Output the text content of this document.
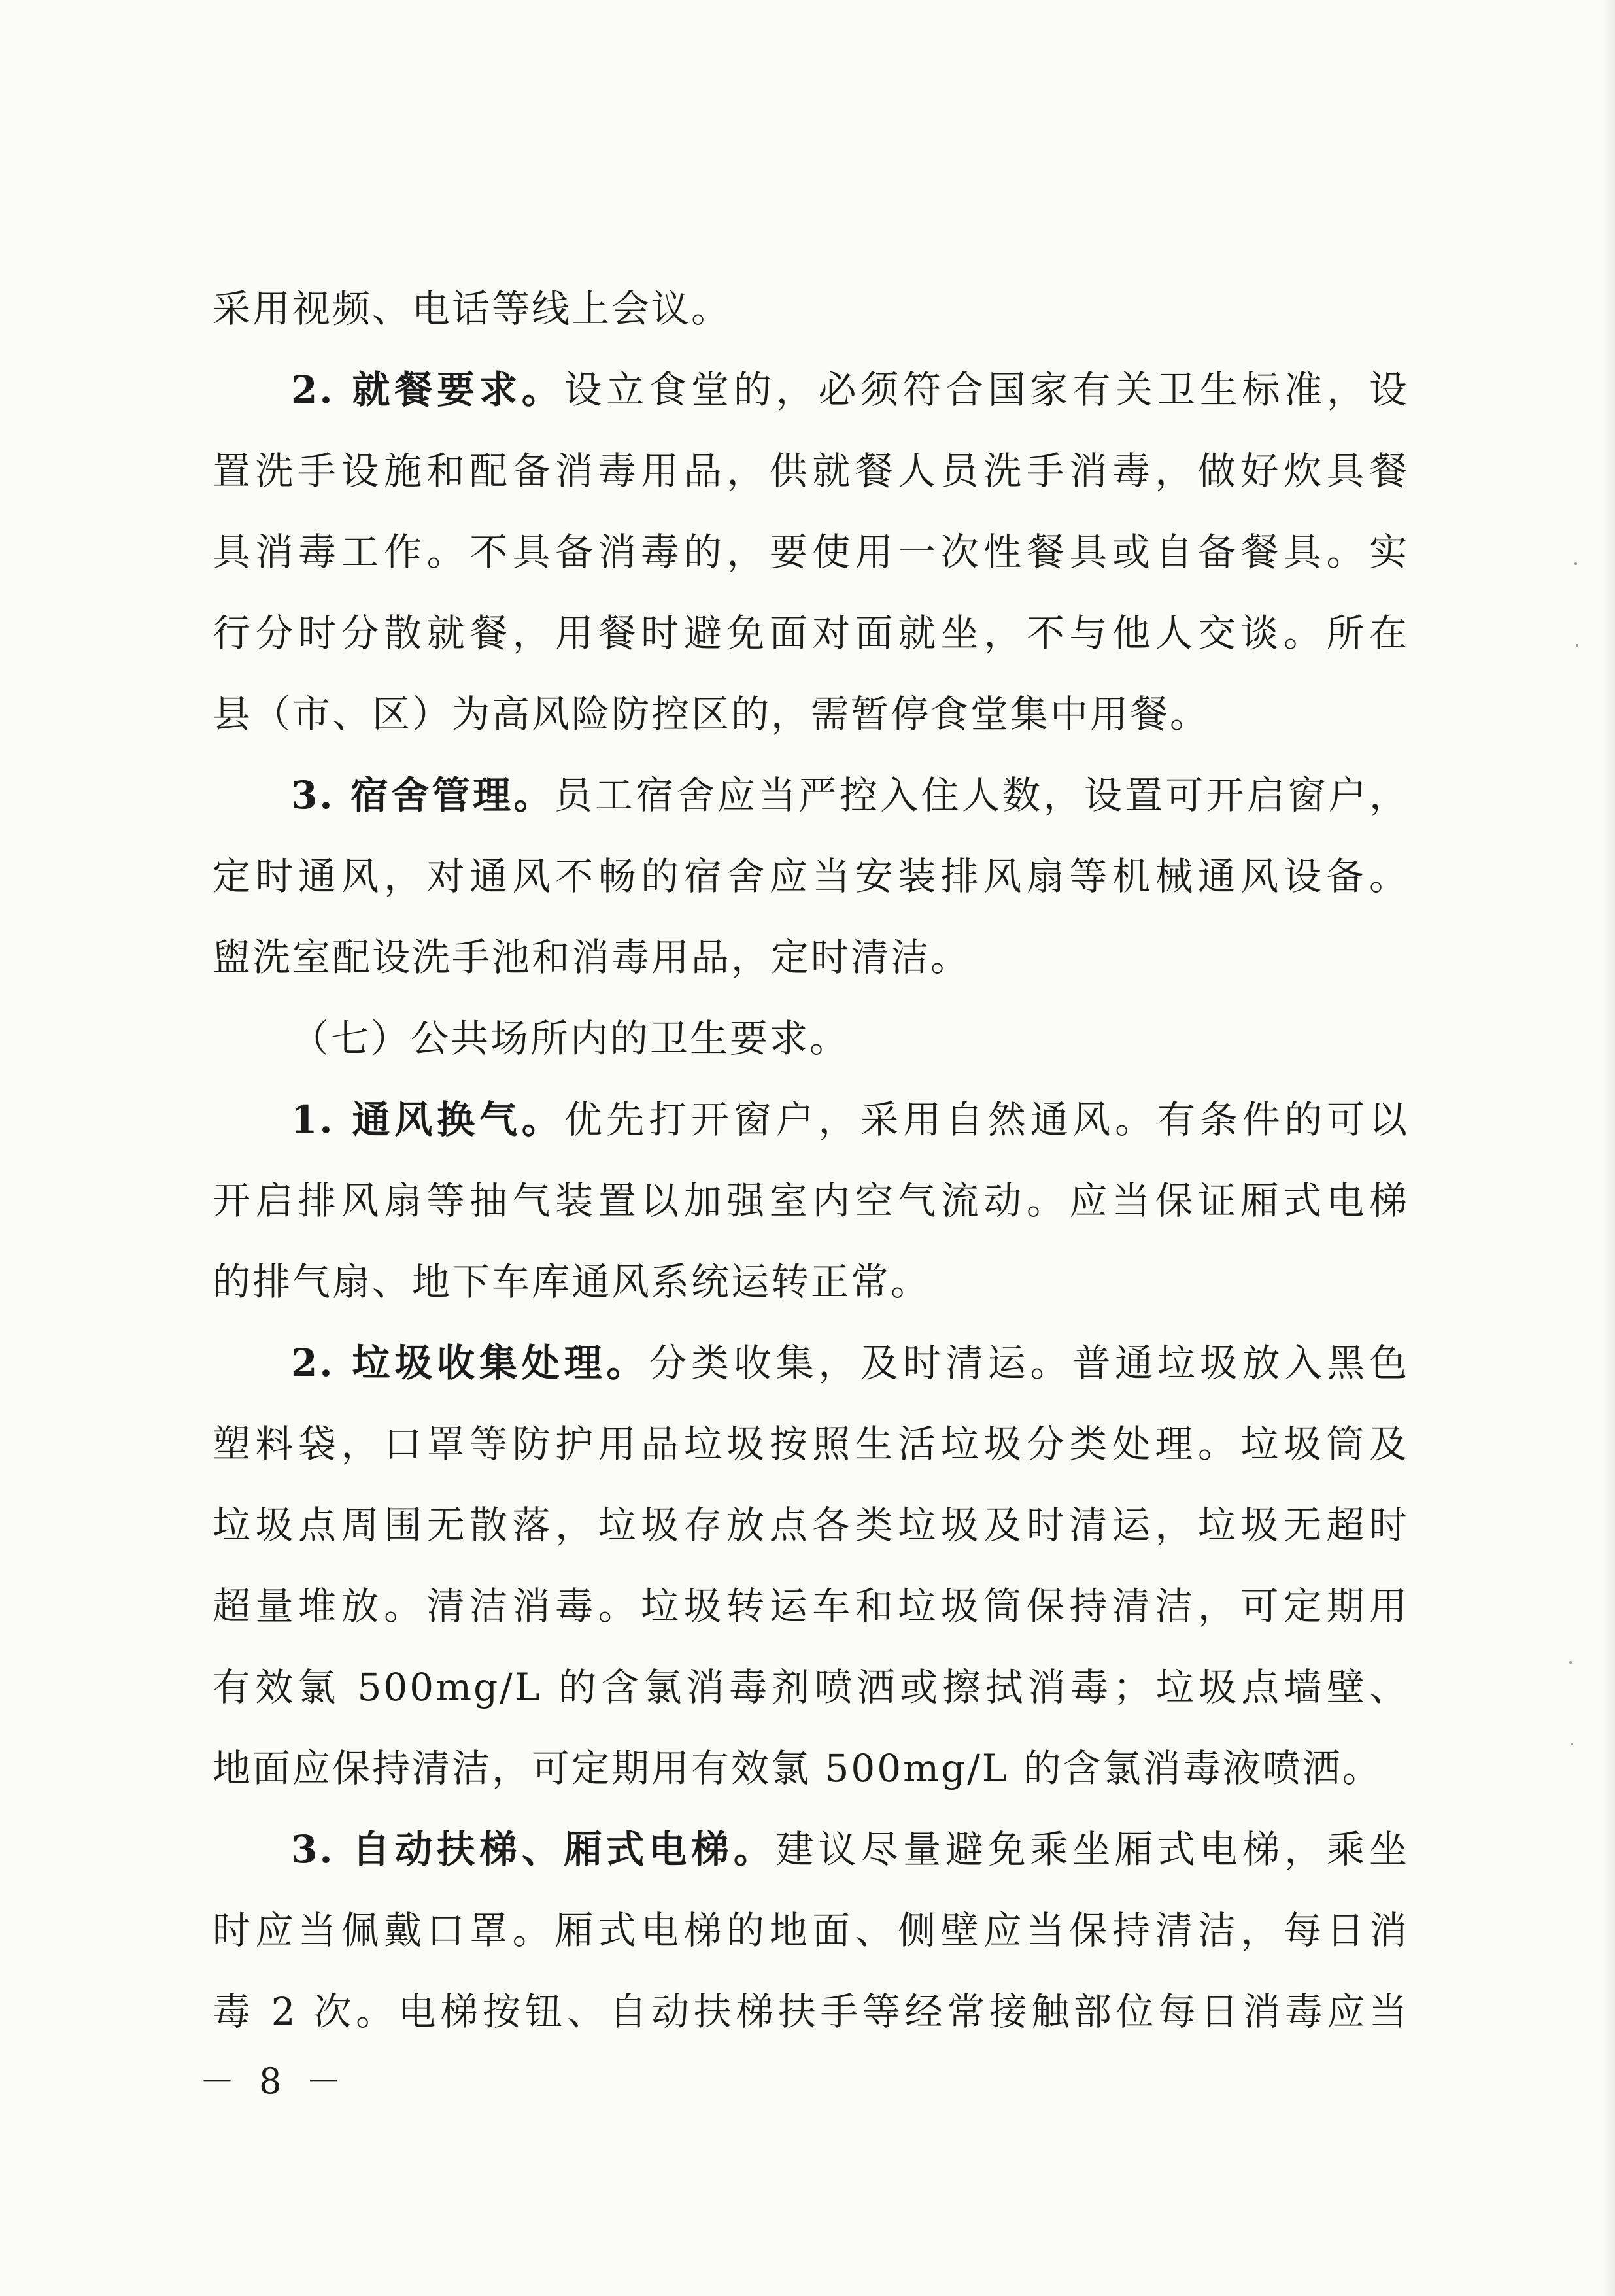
采用视频、电话等线上会议。
2. 就餐要求。设立食堂的，必须符合国家有关卫生标准，设
置洗手设施和配备消毒用品，供就餐人员洗手消毒，做好炊具餐
具消毒工作。不具备消毒的，要使用一次性餐具或自备餐具。实
行分时分散就餐，用餐时避免面对面就坐，不与他人交谈。所在
县（市、区）为高风险防控区的，需暂停食堂集中用餐。
3. 宿舍管理。员工宿舍应当严控入住人数，设置可开启窗户，
定时通风，对通风不畅的宿舍应当安装排风扇等机械通风设备。
盥洗室配设洗手池和消毒用品，定时清洁。
（七）公共场所内的卫生要求。
1. 通风换气。优先打开窗户，采用自然通风。有条件的可以
开启排风扇等抽气装置以加强室内空气流动。应当保证厢式电梯
的排气扇、地下车库通风系统运转正常。
2. 垃圾收集处理。分类收集，及时清运。普通垃圾放入黑色
塑料袋，口罩等防护用品垃圾按照生活垃圾分类处理。垃圾筒及
垃圾点周围无散落，垃圾存放点各类垃圾及时清运，垃圾无超时
超量堆放。清洁消毒。垃圾转运车和垃圾筒保持清洁，可定期用
有效氯 500mg/L 的含氯消毒剂喷洒或擦拭消毒；垃圾点墙壁、
地面应保持清洁，可定期用有效氯 500mg/L 的含氯消毒液喷洒。
3. 自动扶梯、厢式电梯。建议尽量避免乘坐厢式电梯，乘坐
时应当佩戴口罩。厢式电梯的地面、侧壁应当保持清洁，每日消
毒 2 次。电梯按钮、自动扶梯扶手等经常接触部位每日消毒应当
－ 8 －
